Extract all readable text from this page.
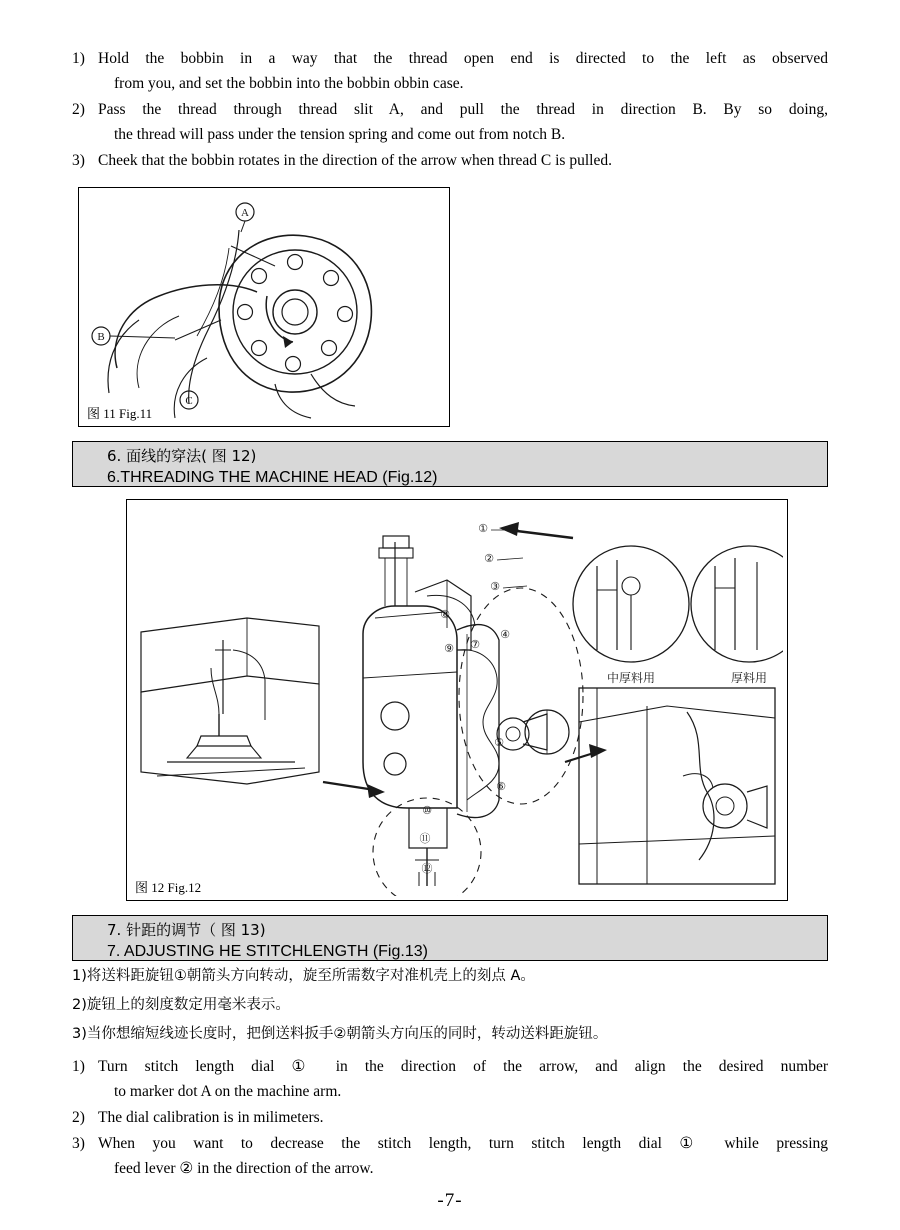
1) Hold the bobbin in a way that the thread open end is directed to the left as observed
from you, and set the bobbin into the bobbin obbin case.
2) Pass the thread through thread slit A, and pull the thread in direction B. By so doing,
the thread will pass under the tension spring and come out from notch B.
3) Cheek that the bobbin rotates in the direction of the arrow when thread C is pulled.
A
B
C
图 11 Fig.11
6. 面线的穿法( 图 12)
6.THREADING THE MACHINE HEAD (Fig.12)
中厚料用	厚料用
①
②
③
④
⑤
⑥
⑦
⑧
⑨
⑩
⑪
⑫
图 12 Fig.12
7. 针距的调节（ 图 13)
7. ADJUSTING HE STITCHLENGTH (Fig.13)
1)将送料距旋钮①朝箭头方向转动，旋至所需数字对准机壳上的刻点 A。
2)旋钮上的刻度数定用毫米表示。
3)当你想缩短线迹长度时，把倒送料扳手②朝箭头方向压的同时，转动送料距旋钮。
1) Turn stitch length dial ① in the direction of the arrow, and align the desired number
to marker dot A on the machine arm.
2) The dial calibration is in milimeters.
3) When you want to decrease the stitch length, turn stitch length dial ① while pressing
feed lever ② in the direction of the arrow.
-7-
